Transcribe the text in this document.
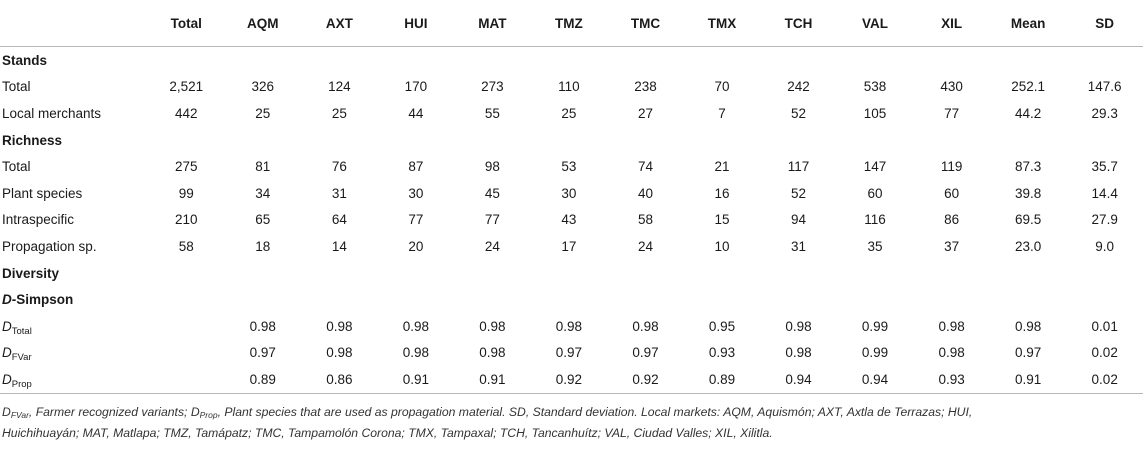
	Total	AQM	AXT	HUI	MAT	TMZ	TMC	TMX	TCH	VAL	XIL	Mean	SD
Stands													
Total	2,521	326	124	170	273	110	238	70	242	538	430	252.1	147.6
Local merchants	442	25	25	44	55	25	27	7	52	105	77	44.2	29.3
Richness													
Total	275	81	76	87	98	53	74	21	117	147	119	87.3	35.7
Plant species	99	34	31	30	45	30	40	16	52	60	60	39.8	14.4
Intraspecific	210	65	64	77	77	43	58	15	94	116	86	69.5	27.9
Propagation sp.	58	18	14	20	24	17	24	10	31	35	37	23.0	9.0
Diversity													
D-Simpson													
$D_{Total}$		0.98	0.98	0.98	0.98	0.98	0.98	0.95	0.98	0.99	0.98	0.98	0.01
$D_{FVar}$		0.97	0.98	0.98	0.98	0.97	0.97	0.93	0.98	0.99	0.98	0.97	0.02
$D_{Prop}$		0.89	0.86	0.91	0.91	0.92	0.92	0.89	0.94	0.94	0.93	0.91	0.02
DFVar, Farmer recognized variants; DProp, Plant species that are used as propagation material. SD, Standard deviation. Local markets: AQM, Aquismón; AXT, Axtla de Terrazas; HUI,
Huichihuayán; MAT, Matlapa; TMZ, Tamápatz; TMC, Tampamolón Corona; TMX, Tampaxal; TCH, Tancanhuítz; VAL, Ciudad Valles; XIL, Xilitla.
